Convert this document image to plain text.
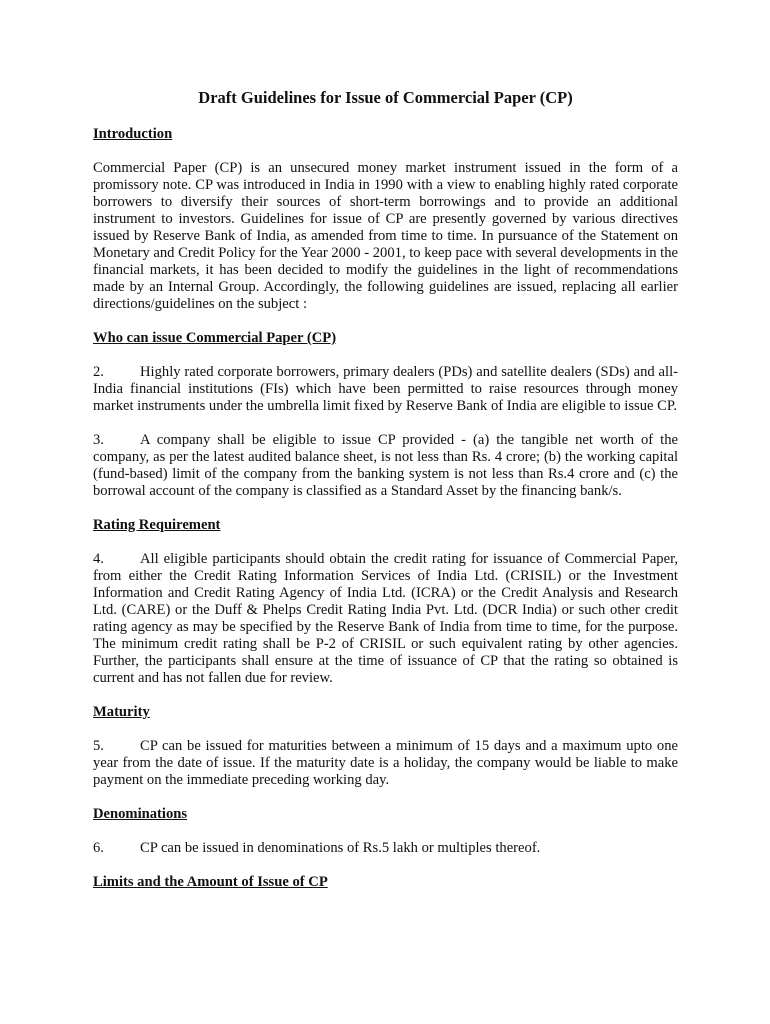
Draft Guidelines for Issue of Commercial Paper (CP)
Introduction
Commercial Paper (CP) is an unsecured money market instrument issued in the form of a promissory note. CP was introduced in India in 1990 with a view to enabling highly rated corporate borrowers to diversify their sources of short-term borrowings and to provide an additional instrument to investors. Guidelines for issue of CP are presently governed by various directives issued by Reserve Bank of India, as amended from time to time. In pursuance of the Statement on Monetary and Credit Policy for the Year 2000 - 2001, to keep pace with several developments in the financial markets, it has been decided to modify the guidelines in the light of recommendations made by an Internal Group. Accordingly, the following guidelines are issued, replacing all earlier directions/guidelines on the subject :
Who can issue Commercial Paper (CP)
2. Highly rated corporate borrowers, primary dealers (PDs) and satellite dealers (SDs) and all-India financial institutions (FIs) which have been permitted to raise resources through money market instruments under the umbrella limit fixed by Reserve Bank of India are eligible to issue CP.
3. A company shall be eligible to issue CP provided - (a) the tangible net worth of the company, as per the latest audited balance sheet, is not less than Rs. 4 crore; (b) the working capital (fund-based) limit of the company from the banking system is not less than Rs.4 crore and (c) the borrowal account of the company is classified as a Standard Asset by the financing bank/s.
Rating Requirement
4. All eligible participants should obtain the credit rating for issuance of Commercial Paper, from either the Credit Rating Information Services of India Ltd. (CRISIL) or the Investment Information and Credit Rating Agency of India Ltd. (ICRA) or the Credit Analysis and Research Ltd. (CARE) or the Duff & Phelps Credit Rating India Pvt. Ltd. (DCR India) or such other credit rating agency as may be specified by the Reserve Bank of India from time to time, for the purpose. The minimum credit rating shall be P-2 of CRISIL or such equivalent rating by other agencies. Further, the participants shall ensure at the time of issuance of CP that the rating so obtained is current and has not fallen due for review.
Maturity
5. CP can be issued for maturities between a minimum of 15 days and a maximum upto one year from the date of issue. If the maturity date is a holiday, the company would be liable to make payment on the immediate preceding working day.
Denominations
6. CP can be issued in denominations of Rs.5 lakh or multiples thereof.
Limits and the Amount of Issue of CP
